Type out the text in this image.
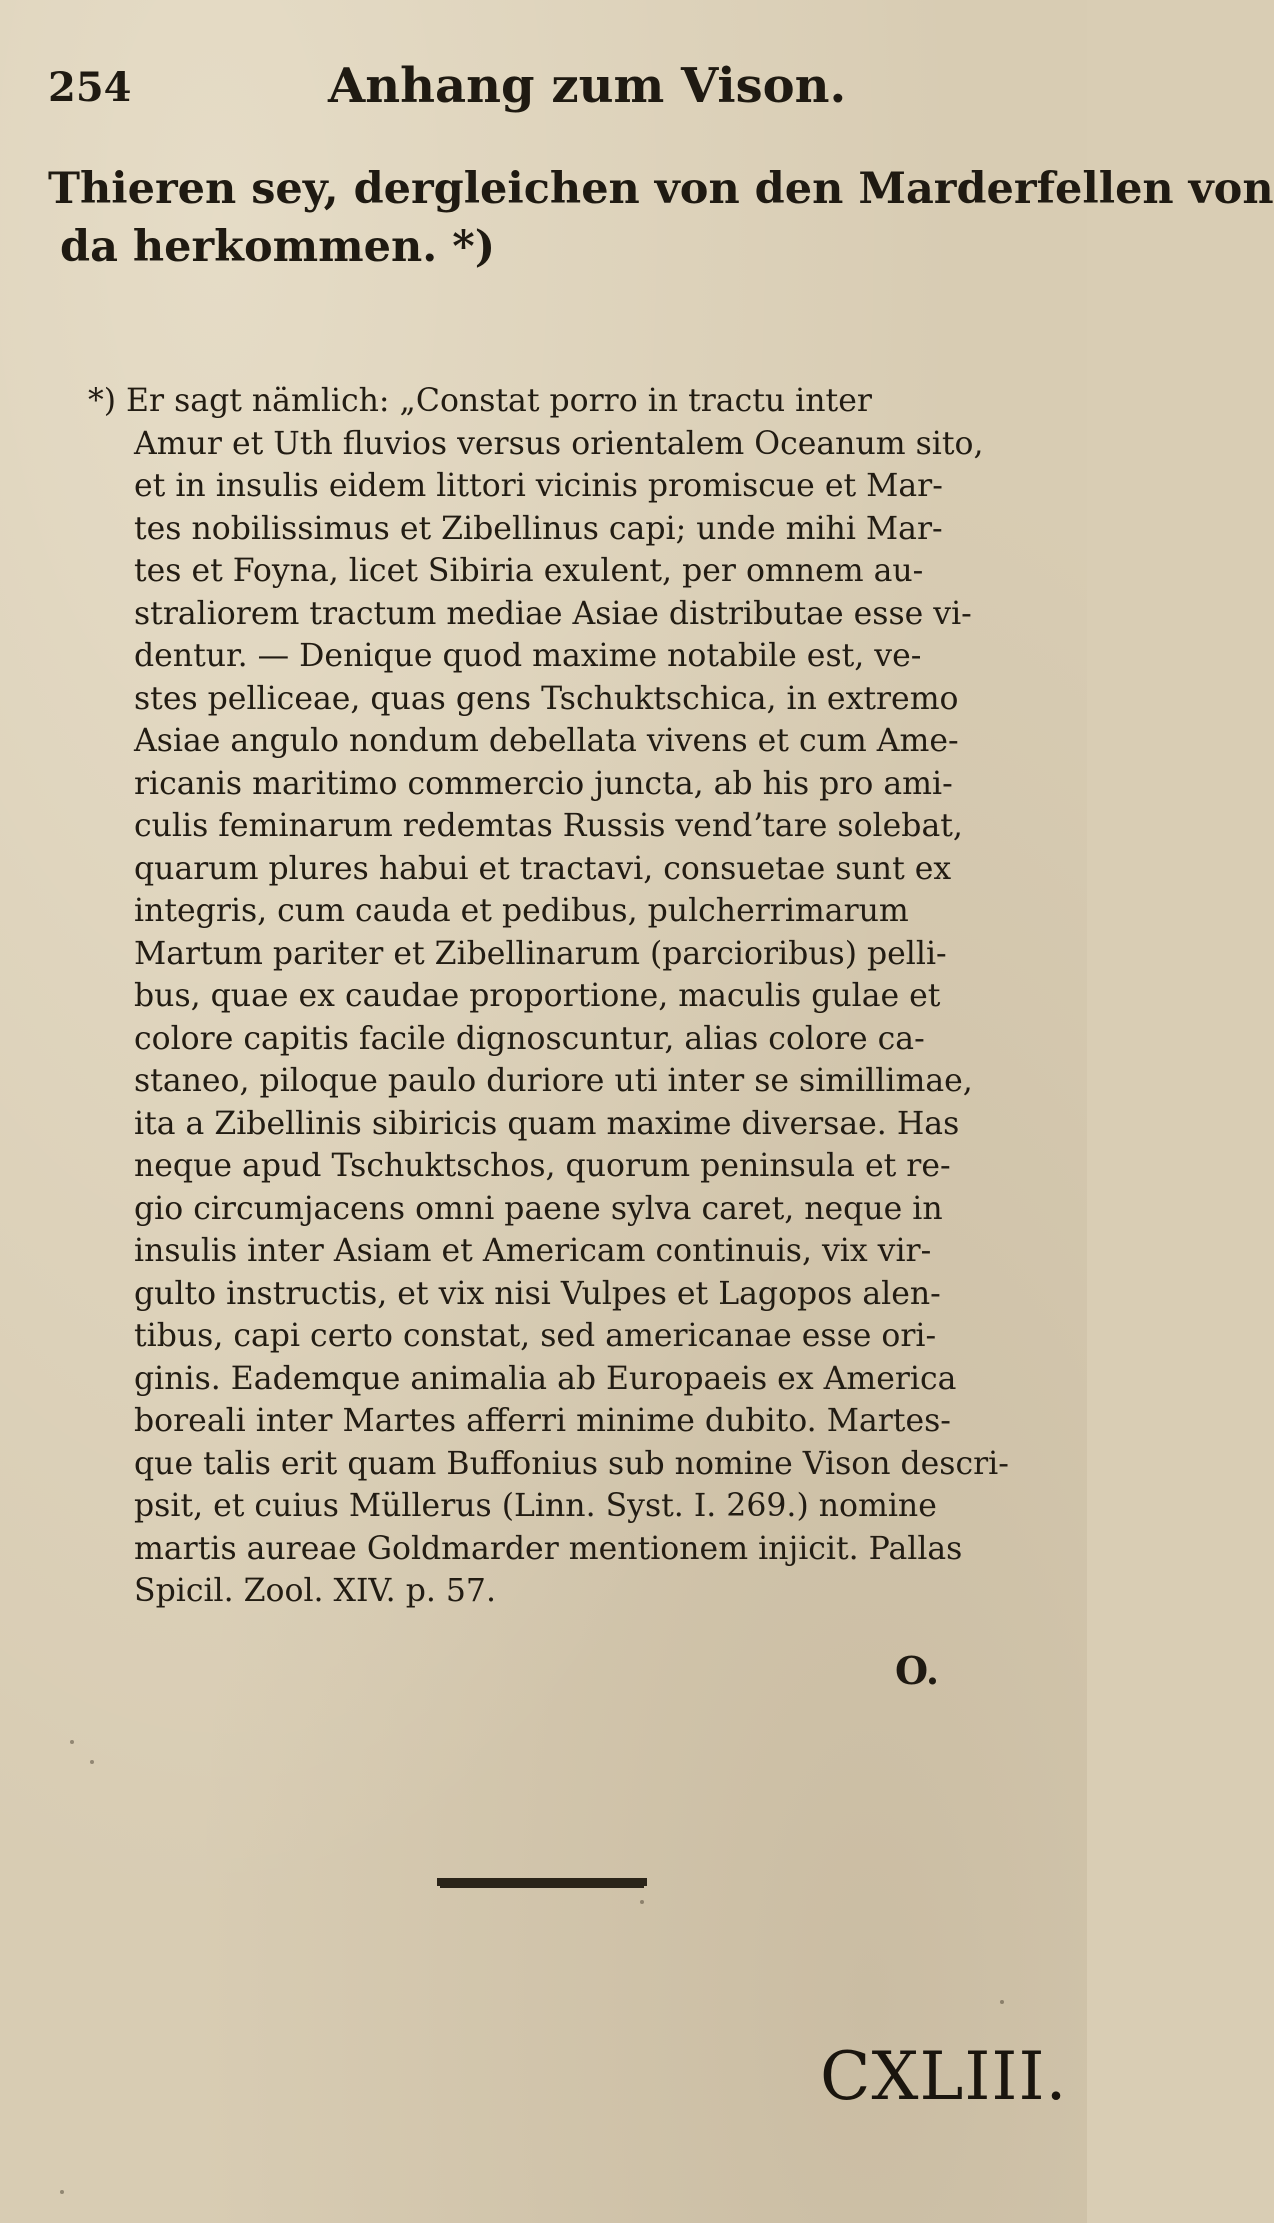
254	Anhang zum Vison.
Thieren sey, dergleichen von den Marderfellen von
da herkommen. *)
*) Er sagt nämlich: „Constat porro in tractu inter
Amur et Uth fluvios versus orientalem Oceanum sito,
et in insulis eidem littori vicinis promiscue et Mar-
tes nobilissimus et Zibellinus capi; unde mihi Mar-
tes et Foyna, licet Sibiria exulent, per omnem au-
straliorem tractum mediae Asiae distributae esse vi-
dentur. — Denique quod maxime notabile est, ve-
stes pelliceae, quas gens Tschuktschica, in extremo
Asiae angulo nondum debellata vivens et cum Ame-
ricanis maritimo commercio juncta, ab his pro ami-
culis feminarum redemtas Russis vendʼtare solebat,
quarum plures habui et tractavi, consuetae sunt ex
integris, cum cauda et pedibus, pulcherrimarum
Martum pariter et Zibellinarum (parcioribus) pelli-
bus, quae ex caudae proportione, maculis gulae et
colore capitis facile dignoscuntur, alias colore ca-
staneo, piloque paulo duriore uti inter se simillimae,
ita a Zibellinis sibiricis quam maxime diversae. Has
neque apud Tschuktschos, quorum peninsula et re-
gio circumjacens omni paene sylva caret, neque in
insulis inter Asiam et Americam continuis, vix vir-
gulto instructis, et vix nisi Vulpes et Lagopos alen-
tibus, capi certo constat, sed americanae esse ori-
ginis. Eademque animalia ab Europaeis ex America
boreali inter Martes afferri minime dubito. Martes-
que talis erit quam Buffonius sub nomine Vison descri-
psit, et cuius Müllerus (Linn. Syst. I. 269.) nomine
martis aureae Goldmarder mentionem injicit. Pallas
Spicil. Zool. XIV. p. 57.
O.
CXLIII.
